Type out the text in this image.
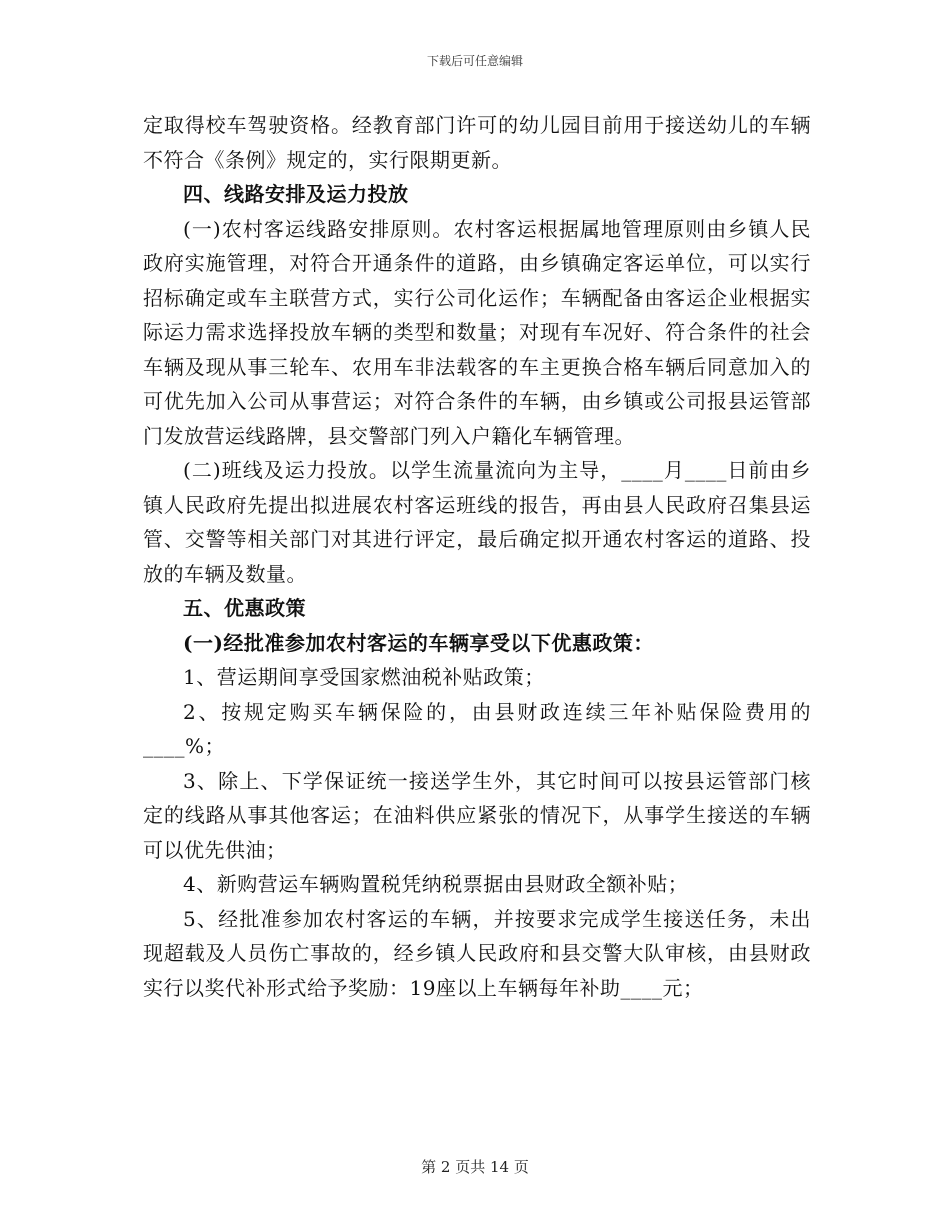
下载后可任意编辑

定取得校车驾驶资格。经教育部门许可的幼儿园目前用于接送幼儿的车辆不符合《条例》规定的，实行限期更新。

四、线路安排及运力投放

(一)农村客运线路安排原则。农村客运根据属地管理原则由乡镇人民政府实施管理，对符合开通条件的道路，由乡镇确定客运单位，可以实行招标确定或车主联营方式，实行公司化运作；车辆配备由客运企业根据实际运力需求选择投放车辆的类型和数量；对现有车况好、符合条件的社会车辆及现从事三轮车、农用车非法载客的车主更换合格车辆后同意加入的可优先加入公司从事营运；对符合条件的车辆，由乡镇或公司报县运管部门发放营运线路牌，县交警部门列入户籍化车辆管理。

(二)班线及运力投放。以学生流量流向为主导，____月____日前由乡镇人民政府先提出拟进展农村客运班线的报告，再由县人民政府召集县运管、交警等相关部门对其进行评定，最后确定拟开通农村客运的道路、投放的车辆及数量。

五、优惠政策

(一)经批准参加农村客运的车辆享受以下优惠政策：

1、营运期间享受国家燃油税补贴政策；

2、按规定购买车辆保险的，由县财政连续三年补贴保险费用的____%；

3、除上、下学保证统一接送学生外，其它时间可以按县运管部门核定的线路从事其他客运；在油料供应紧张的情况下，从事学生接送的车辆可以优先供油；

4、新购营运车辆购置税凭纳税票据由县财政全额补贴；

5、经批准参加农村客运的车辆，并按要求完成学生接送任务，未出现超载及人员伤亡事故的，经乡镇人民政府和县交警大队审核，由县财政实行以奖代补形式给予奖励：19座以上车辆每年补助____元；

第 2 页共 14 页
